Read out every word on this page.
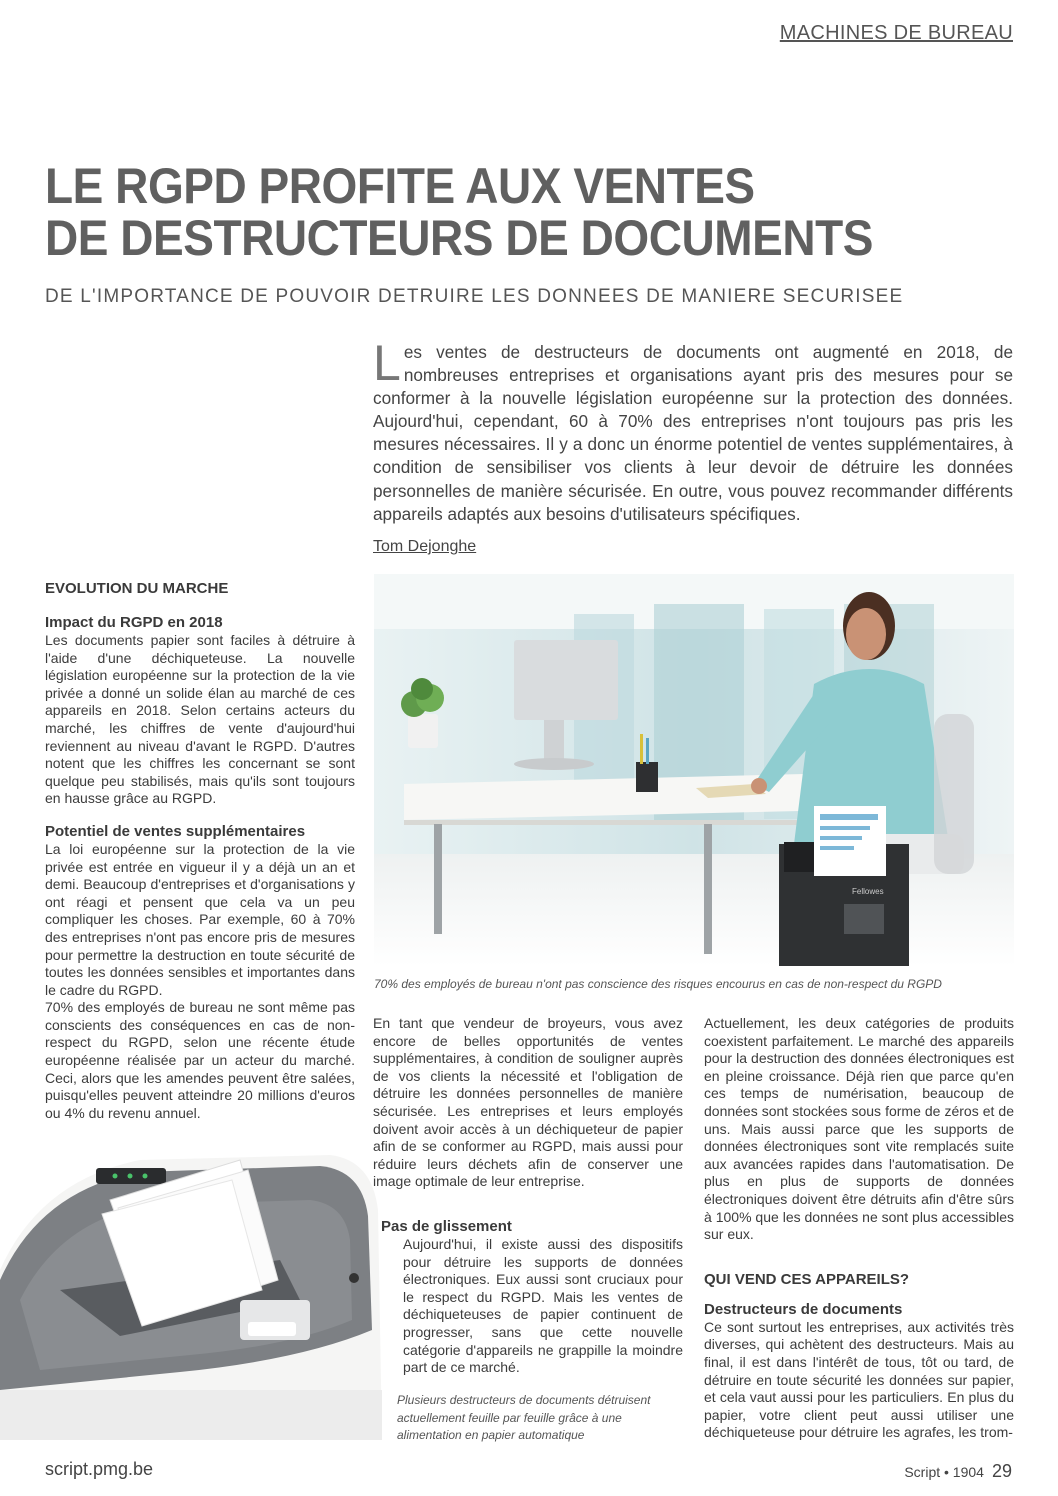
MACHINES DE BUREAU
LE RGPD PROFITE AUX VENTES
DE DESTRUCTEURS DE DOCUMENTS
DE L'IMPORTANCE DE POUVOIR DETRUIRE LES DONNEES DE MANIERE SECURISEE
L es ventes de destructeurs de documents ont augmenté en 2018, de nombreuses entreprises et organisations ayant pris des mesures pour se conformer à la nouvelle législation européenne sur la protection des données. Aujourd'hui, cependant, 60 à 70% des entreprises n'ont toujours pas pris les mesures nécessaires. Il y a donc un énorme potentiel de ventes supplémentaires, à condition de sensibiliser vos clients à leur devoir de détruire les données personnelles de manière sécurisée. En outre, vous pouvez recommander différents appareils adaptés aux besoins d'utilisateurs spécifiques.
Tom Dejonghe
EVOLUTION DU MARCHE
Impact du RGPD en 2018

Les documents papier sont faciles à détruire à l'aide d'une déchiqueteuse. La nouvelle législation européenne sur la protection de la vie privée a donné un solide élan au marché de ces appareils en 2018. Selon certains acteurs du marché, les chiffres de vente d'aujourd'hui reviennent au niveau d'avant le RGPD. D'autres notent que les chiffres les concernant se sont quelque peu stabilisés, mais qu'ils sont toujours en hausse grâce au RGPD.

Potentiel de ventes supplémentaires

La loi européenne sur la protection de la vie privée est entrée en vigueur il y a déjà un an et demi. Beaucoup d'entreprises et d'organisations y ont réagi et pensent que cela va un peu compliquer les choses. Par exemple, 60 à 70% des entreprises n'ont pas encore pris de mesures pour permettre la destruction en toute sécurité de toutes les données sensibles et importantes dans le cadre du RGPD.

70% des employés de bureau ne sont même pas conscients des conséquences en cas de non-respect du RGPD, selon une récente étude européenne réalisée par un acteur du marché. Ceci, alors que les amendes peuvent être salées, puisqu'elles peuvent atteindre 20 millions d'euros ou 4% du revenu annuel.

Fellowes
70% des employés de bureau n'ont pas conscience des risques encourus en cas de non-respect du RGPD

En tant que vendeur de broyeurs, vous avez encore de belles opportunités de ventes supplémentaires, à condition de souligner auprès de vos clients la nécessité et l'obligation de détruire les données personnelles de manière sécurisée. Les entreprises et leurs employés doivent avoir accès à un déchiqueteur de papier afin de se conformer au RGPD, mais aussi pour réduire leurs déchets afin de conserver une image optimale de leur entreprise.

Pas de glissement

Aujourd'hui, il existe aussi des dispositifs pour détruire les supports de données électroniques. Eux aussi sont cruciaux pour le respect du RGPD. Mais les ventes de déchiqueteuses de papier continuent de progresser, sans que cette nouvelle catégorie d'appareils ne grappille la moindre part de ce marché.

Plusieurs destructeurs de documents détruisent actuellement feuille par feuille grâce à une alimentation en papier automatique

Actuellement, les deux catégories de produits coexistent parfaitement. Le marché des appareils pour la destruction des données électroniques est en pleine croissance. Déjà rien que parce qu'en ces temps de numérisation, beaucoup de données sont stockées sous forme de zéros et de uns. Mais aussi parce que les supports de données électroniques sont vite remplacés suite aux avancées rapides dans l'automatisation. De plus en plus de supports de données électroniques doivent être détruits afin d'être sûrs à 100% que les données ne sont plus accessibles sur eux.

QUI VEND CES APPAREILS?
Destructeurs de documents

Ce sont surtout les entreprises, aux activités très diverses, qui achètent des destructeurs. Mais au final, il est dans l'intérêt de tous, tôt ou tard, de détruire en toute sécurité les données sur papier, et cela vaut aussi pour les particuliers. En plus du papier, votre client peut aussi utiliser une déchiqueteuse pour détruire les agrafes, les trom-

script.pmg.be	Script • 1904 29
